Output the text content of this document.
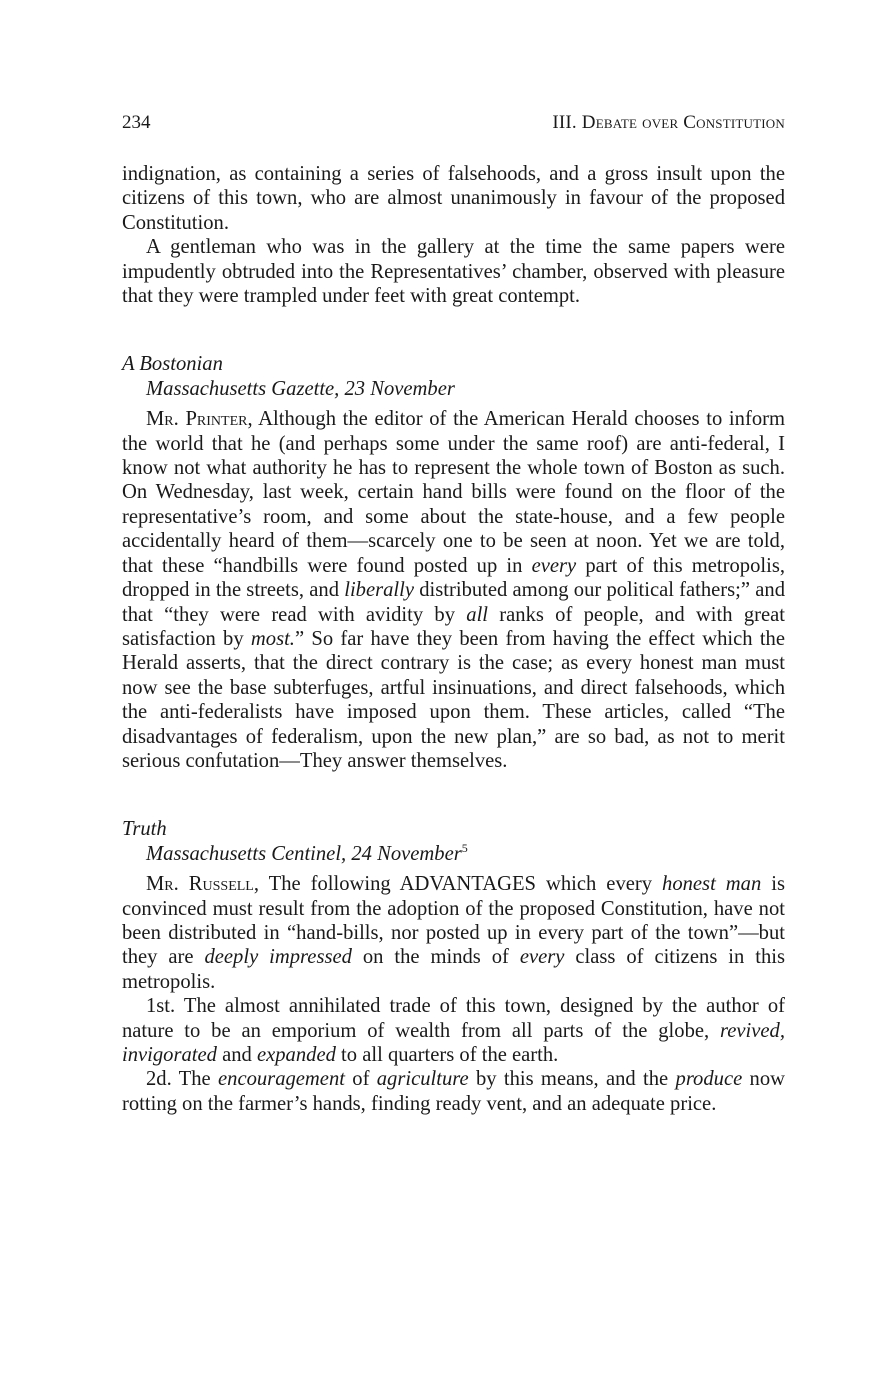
234	III. Debate over Constitution

indignation, as containing a series of falsehoods, and a gross insult upon the citizens of this town, who are almost unanimously in favour of the proposed Constitution.

A gentleman who was in the gallery at the time the same papers were impudently obtruded into the Representatives’ chamber, observed with pleasure that they were trampled under feet with great contempt.

A Bostonian
Massachusetts Gazette, 23 November

Mr. Printer, Although the editor of the American Herald chooses to inform the world that he (and perhaps some under the same roof) are anti-federal, I know not what authority he has to represent the whole town of Boston as such. On Wednesday, last week, certain hand bills were found on the floor of the representative’s room, and some about the state-house, and a few people accidentally heard of them—scarcely one to be seen at noon. Yet we are told, that these “handbills were found posted up in every part of this metropolis, dropped in the streets, and liberally distributed among our political fathers;” and that “they were read with avidity by all ranks of people, and with great satisfaction by most.” So far have they been from having the effect which the Herald asserts, that the direct contrary is the case; as every honest man must now see the base subterfuges, artful insinuations, and direct falsehoods, which the anti-federalists have imposed upon them. These articles, called “The disadvantages of federalism, upon the new plan,” are so bad, as not to merit serious confutation—They answer themselves.

Truth
Massachusetts Centinel, 24 November$^5$

Mr. Russell, The following ADVANTAGES which every honest man is convinced must result from the adoption of the proposed Constitution, have not been distributed in “hand-bills, nor posted up in every part of the town”—but they are deeply impressed on the minds of every class of citizens in this metropolis.

1st. The almost annihilated trade of this town, designed by the author of nature to be an emporium of wealth from all parts of the globe, revived, invigorated and expanded to all quarters of the earth.

2d. The encouragement of agriculture by this means, and the produce now rotting on the farmer’s hands, finding ready vent, and an adequate price.
